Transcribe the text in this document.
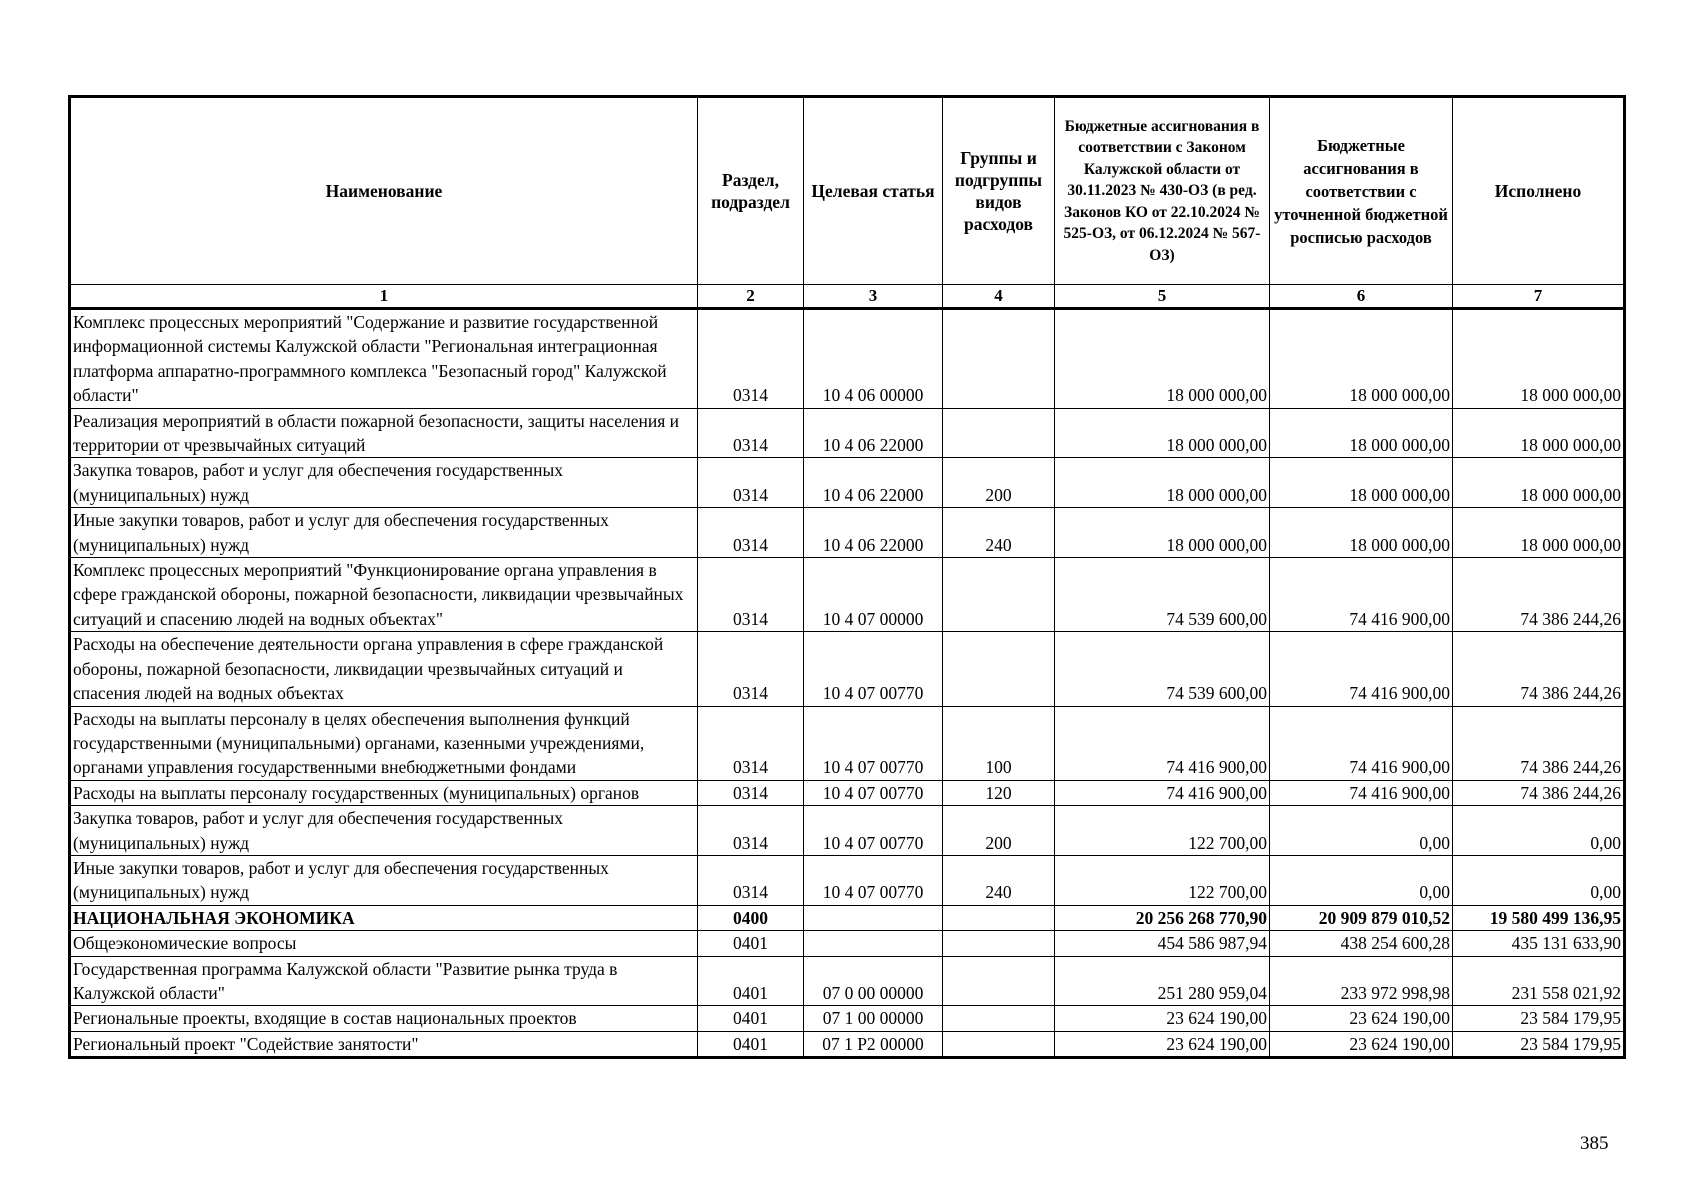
Наименование	Раздел, подраздел	Целевая статья	Группы и подгруппы видов расходов	Бюджетные ассигнования в соответствии с Законом Калужской области от 30.11.2023 № 430-ОЗ (в ред. Законов КО от 22.10.2024 № 525-ОЗ, от 06.12.2024 № 567-ОЗ)	Бюджетные ассигнования в соответствии с уточненной бюджетной росписью расходов	Исполнено
1	2	3	4	5	6	7
Комплекс процессных мероприятий "Содержание и развитие государственной информационной системы Калужской области "Региональная интеграционная платформа аппаратно-программного комплекса "Безопасный город" Калужской области"	0314	10 4 06 00000		18 000 000,00	18 000 000,00	18 000 000,00
Реализация мероприятий в области пожарной безопасности, защиты населения и территории от чрезвычайных ситуаций	0314	10 4 06 22000		18 000 000,00	18 000 000,00	18 000 000,00
Закупка товаров, работ и услуг для обеспечения государственных (муниципальных) нужд	0314	10 4 06 22000	200	18 000 000,00	18 000 000,00	18 000 000,00
Иные закупки товаров, работ и услуг для обеспечения государственных (муниципальных) нужд	0314	10 4 06 22000	240	18 000 000,00	18 000 000,00	18 000 000,00
Комплекс процессных мероприятий "Функционирование органа управления в сфере гражданской обороны, пожарной безопасности, ликвидации чрезвычайных ситуаций и спасению людей на водных объектах"	0314	10 4 07 00000		74 539 600,00	74 416 900,00	74 386 244,26
Расходы на обеспечение деятельности органа управления в сфере гражданской обороны, пожарной безопасности, ликвидации чрезвычайных ситуаций и спасения людей на водных объектах	0314	10 4 07 00770		74 539 600,00	74 416 900,00	74 386 244,26
Расходы на выплаты персоналу в целях обеспечения выполнения функций государственными (муниципальными) органами, казенными учреждениями, органами управления государственными внебюджетными фондами	0314	10 4 07 00770	100	74 416 900,00	74 416 900,00	74 386 244,26
Расходы на выплаты персоналу государственных (муниципальных) органов	0314	10 4 07 00770	120	74 416 900,00	74 416 900,00	74 386 244,26
Закупка товаров, работ и услуг для обеспечения государственных (муниципальных) нужд	0314	10 4 07 00770	200	122 700,00	0,00	0,00
Иные закупки товаров, работ и услуг для обеспечения государственных (муниципальных) нужд	0314	10 4 07 00770	240	122 700,00	0,00	0,00
НАЦИОНАЛЬНАЯ ЭКОНОМИКА	0400			20 256 268 770,90	20 909 879 010,52	19 580 499 136,95
Общеэкономические вопросы	0401			454 586 987,94	438 254 600,28	435 131 633,90
Государственная программа Калужской области "Развитие рынка труда в Калужской области"	0401	07 0 00 00000		251 280 959,04	233 972 998,98	231 558 021,92
Региональные проекты, входящие в состав национальных проектов	0401	07 1 00 00000		23 624 190,00	23 624 190,00	23 584 179,95
Региональный проект "Содействие занятости"	0401	07 1 P2 00000		23 624 190,00	23 624 190,00	23 584 179,95
385
